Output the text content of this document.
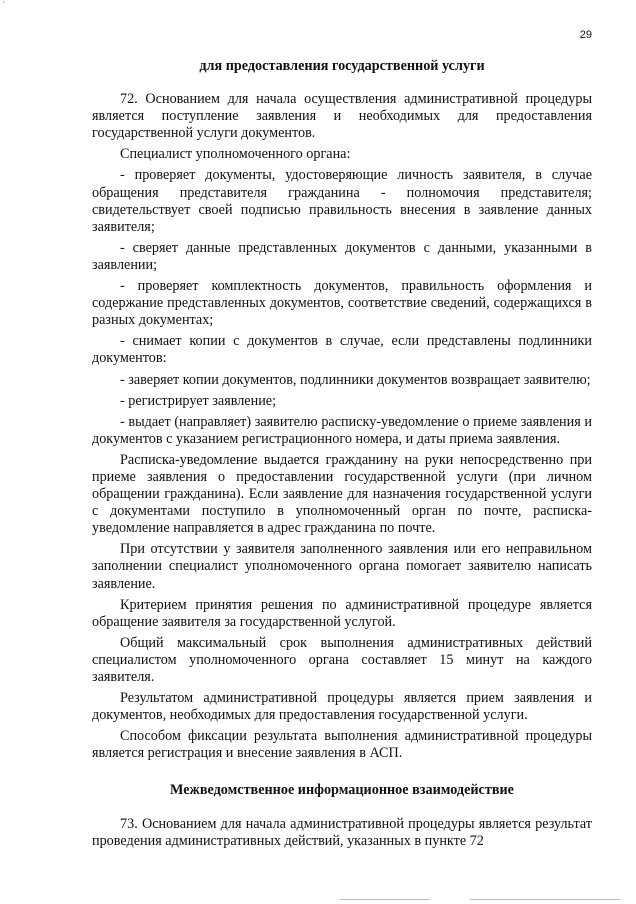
`
29
для предоставления государственной услуги
72. Основанием для начала осуществления административной процедуры является поступление заявления и необходимых для предоставления государственной услуги документов.
Специалист уполномоченного органа:
- проверяет документы, удостоверяющие личность заявителя, в случае обращения представителя гражданина - полномочия представителя; свидетельствует своей подписью правильность внесения в заявление данных заявителя;
- сверяет данные представленных документов с данными, указанными в заявлении;
- проверяет комплектность документов, правильность оформления и содержание представленных документов, соответствие сведений, содержащихся в разных документах;
- снимает копии с документов в случае, если представлены подлинники документов:
- заверяет копии документов, подлинники документов возвращает заявителю;
- регистрирует заявление;
- выдает (направляет) заявителю расписку-уведомление о приеме заявления и документов с указанием регистрационного номера, и даты приема заявления.
Расписка-уведомление выдается гражданину на руки непосредственно при приеме заявления о предоставлении государственной услуги (при личном обращении гражданина). Если заявление для назначения государственной услуги с документами поступило в уполномоченный орган по почте, расписка-уведомление направляется в адрес гражданина по почте.
При отсутствии у заявителя заполненного заявления или его неправильном заполнении специалист уполномоченного органа помогает заявителю написать заявление.
Критерием принятия решения по административной процедуре является обращение заявителя за государственной услугой.
Общий максимальный срок выполнения административных действий специалистом уполномоченного органа составляет 15 минут на каждого заявителя.
Результатом административной процедуры является прием заявления и документов, необходимых для предоставления государственной услуги.
Способом фиксации результата выполнения административной процедуры является регистрация и внесение заявления в АСП.
Межведомственное информационное взаимодействие
73. Основанием для начала административной процедуры является результат проведения административных действий, указанных в пункте 72
